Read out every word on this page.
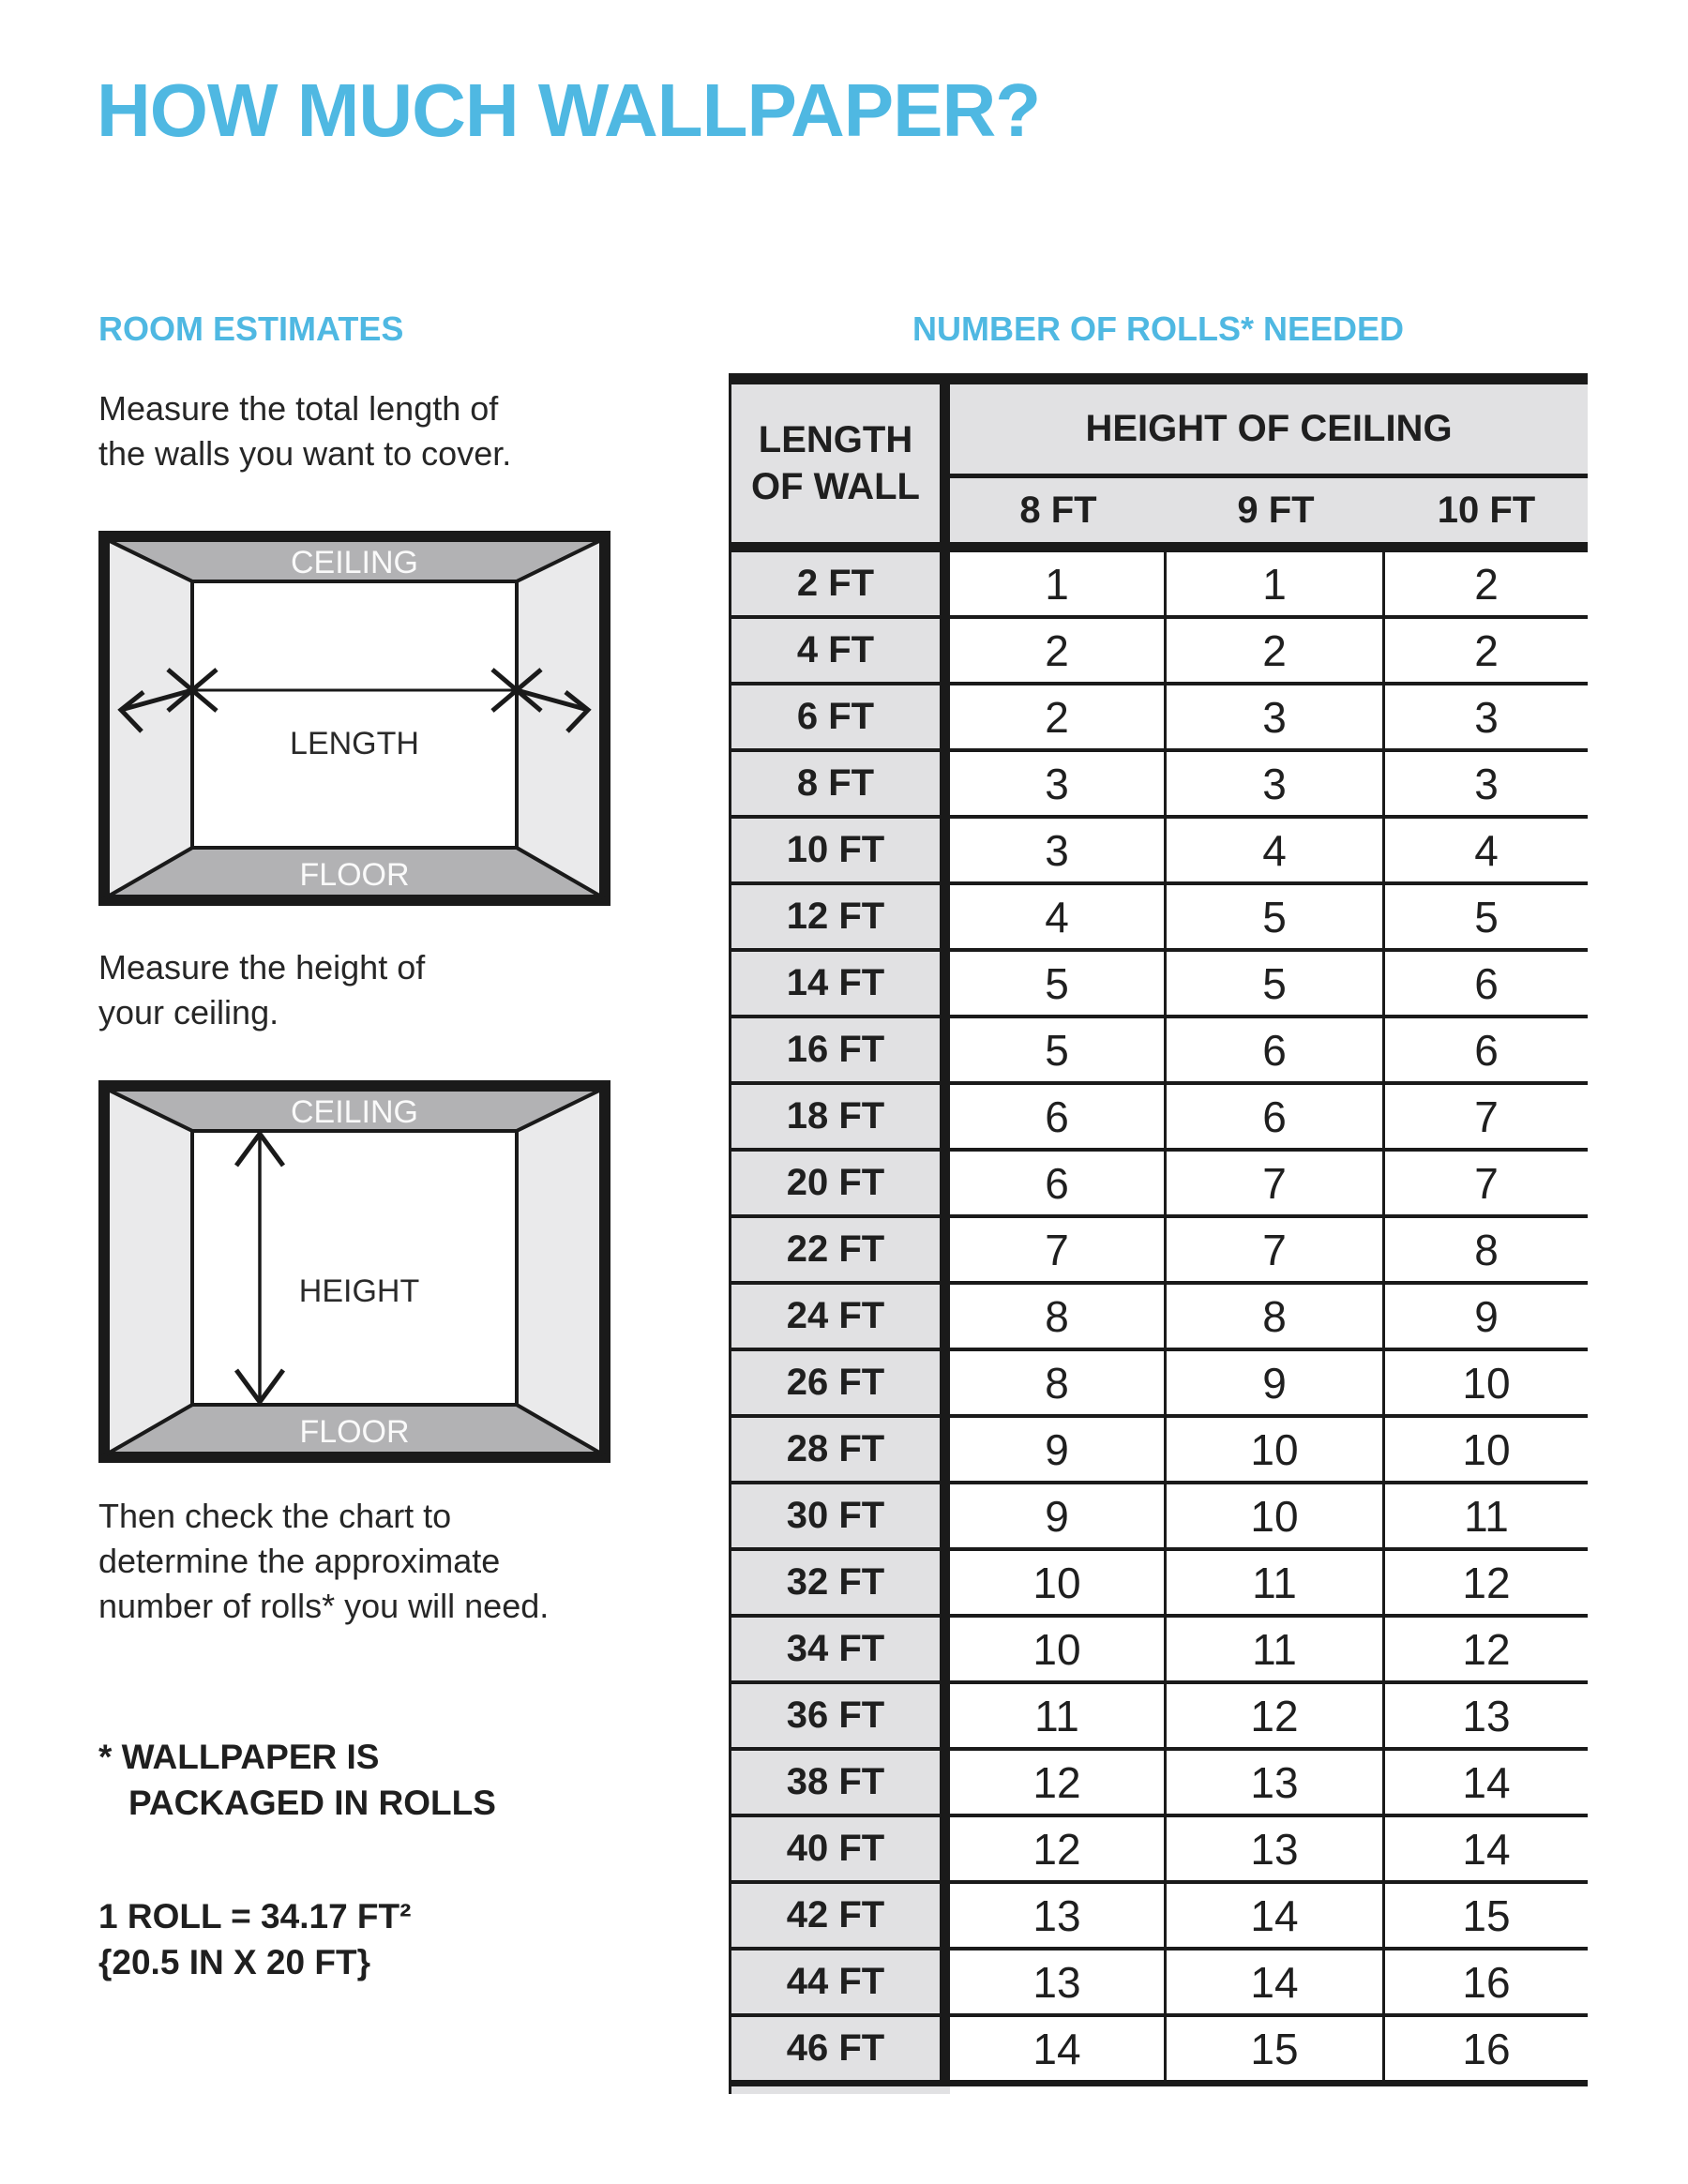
HOW MUCH WALLPAPER?
ROOM ESTIMATES	NUMBER OF ROLLS* NEEDED
Measure the total length of
the walls you want to cover.
CEILING
FLOOR
LENGTH
Measure the height of
your ceiling.
CEILING
FLOOR
HEIGHT
Then check the chart to
determine the approximate
number of rolls* you will need.
* WALLPAPER IS
PACKAGED IN ROLLS
1 ROLL = 34.17 FT²
{20.5 IN X 20 FT}
LENGTH
OF WALL
HEIGHT OF CEILING
8 FT	9 FT	10 FT
2 FT	1	1	2
4 FT	2	2	2
6 FT	2	3	3
8 FT	3	3	3
10 FT	3	4	4
12 FT	4	5	5
14 FT	5	5	6
16 FT	5	6	6
18 FT	6	6	7
20 FT	6	7	7
22 FT	7	7	8
24 FT	8	8	9
26 FT	8	9	10
28 FT	9	10	10
30 FT	9	10	11
32 FT	10	11	12
34 FT	10	11	12
36 FT	11	12	13
38 FT	12	13	14
40 FT	12	13	14
42 FT	13	14	15
44 FT	13	14	16
46 FT	14	15	16
